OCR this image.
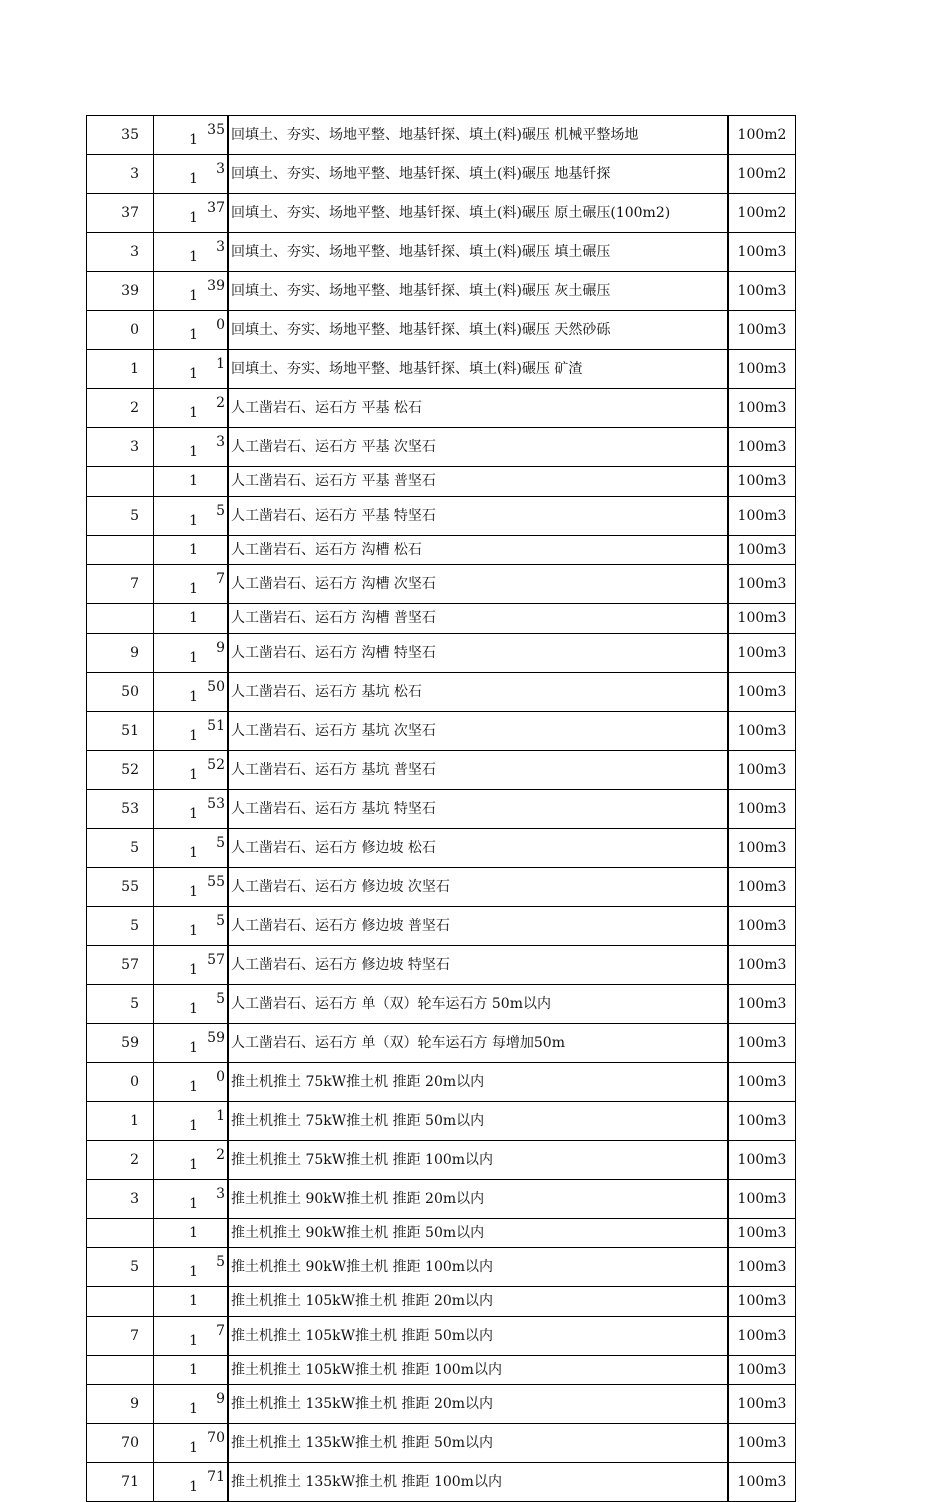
35	135	回填土、夯实、场地平整、地基钎探、填土(料)碾压 机械平整场地	100m2
3	13	回填土、夯实、场地平整、地基钎探、填土(料)碾压 地基钎探	100m2
37	137	回填土、夯实、场地平整、地基钎探、填土(料)碾压 原土碾压(100m2)	100m2
3	13	回填土、夯实、场地平整、地基钎探、填土(料)碾压 填土碾压	100m3
39	139	回填土、夯实、场地平整、地基钎探、填土(料)碾压 灰土碾压	100m3
0	10	回填土、夯实、场地平整、地基钎探、填土(料)碾压 天然砂砾	100m3
1	11	回填土、夯实、场地平整、地基钎探、填土(料)碾压 矿渣	100m3
2	12	人工凿岩石、运石方 平基 松石	100m3
3	13	人工凿岩石、运石方 平基 次坚石	100m3
	1	人工凿岩石、运石方 平基 普坚石	100m3
5	15	人工凿岩石、运石方 平基 特坚石	100m3
	1	人工凿岩石、运石方 沟槽 松石	100m3
7	17	人工凿岩石、运石方 沟槽 次坚石	100m3
	1	人工凿岩石、运石方 沟槽 普坚石	100m3
9	19	人工凿岩石、运石方 沟槽 特坚石	100m3
50	150	人工凿岩石、运石方 基坑 松石	100m3
51	151	人工凿岩石、运石方 基坑 次坚石	100m3
52	152	人工凿岩石、运石方 基坑 普坚石	100m3
53	153	人工凿岩石、运石方 基坑 特坚石	100m3
5	15	人工凿岩石、运石方 修边坡 松石	100m3
55	155	人工凿岩石、运石方 修边坡 次坚石	100m3
5	15	人工凿岩石、运石方 修边坡 普坚石	100m3
57	157	人工凿岩石、运石方 修边坡 特坚石	100m3
5	15	人工凿岩石、运石方 单（双）轮车运石方 50m以内	100m3
59	159	人工凿岩石、运石方 单（双）轮车运石方 每增加50m	100m3
0	10	推土机推土 75kW推土机 推距 20m以内	100m3
1	11	推土机推土 75kW推土机 推距 50m以内	100m3
2	12	推土机推土 75kW推土机 推距 100m以内	100m3
3	13	推土机推土 90kW推土机 推距 20m以内	100m3
	1	推土机推土 90kW推土机 推距 50m以内	100m3
5	15	推土机推土 90kW推土机 推距 100m以内	100m3
	1	推土机推土 105kW推土机 推距 20m以内	100m3
7	17	推土机推土 105kW推土机 推距 50m以内	100m3
	1	推土机推土 105kW推土机 推距 100m以内	100m3
9	19	推土机推土 135kW推土机 推距 20m以内	100m3
70	170	推土机推土 135kW推土机 推距 50m以内	100m3
71	171	推土机推土 135kW推土机 推距 100m以内	100m3
